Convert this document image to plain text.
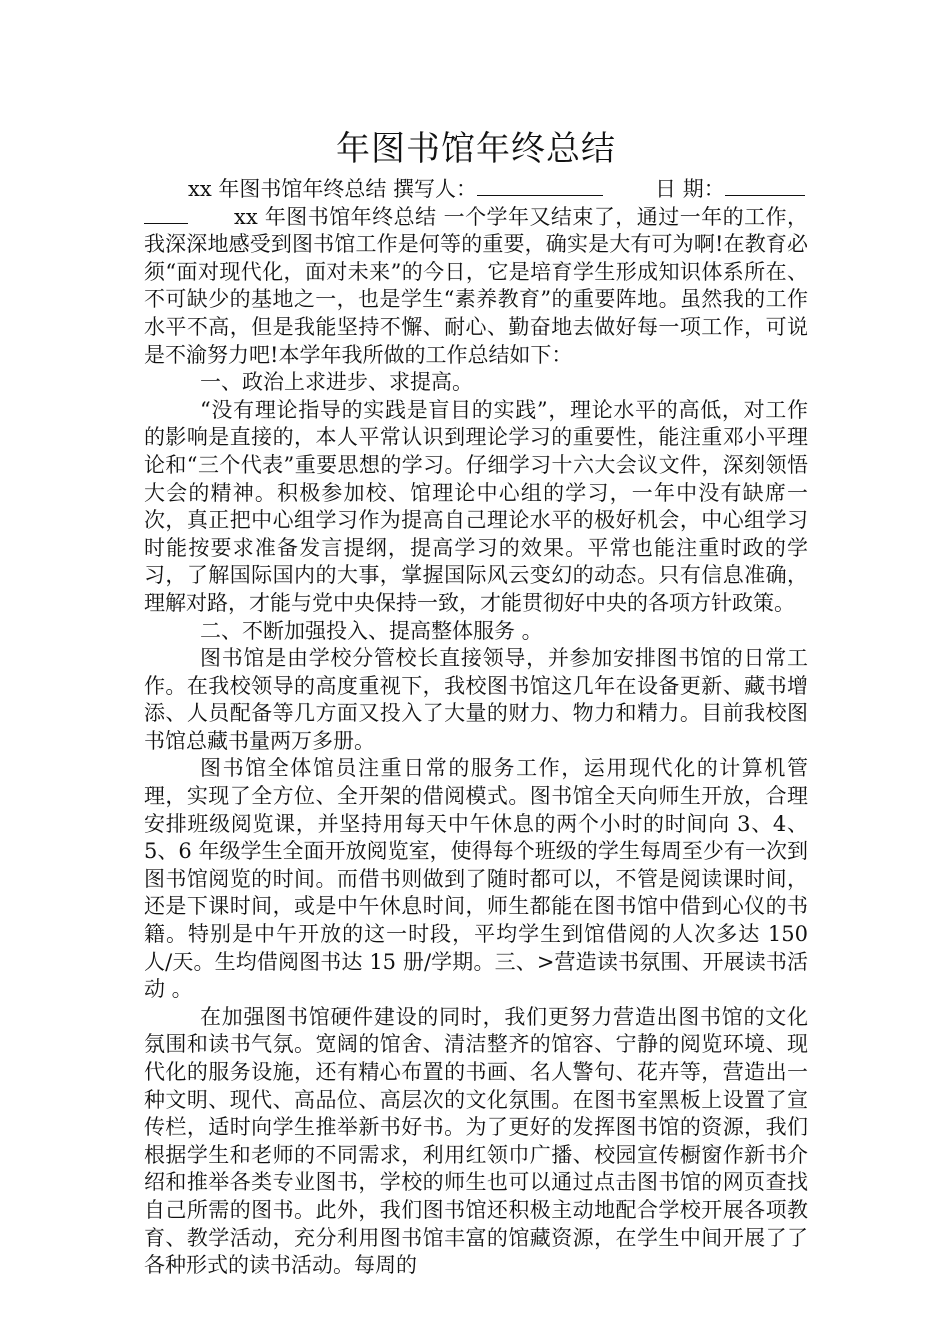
年图书馆年终总结

xx 年图书馆年终总结 撰写人：	日 期：

xx 年图书馆年终总结 一个学年又结束了，通过一年的工作，我深深地感受到图书馆工作是何等的重要，确实是大有可为啊!在教育必须“面对现代化，面对未来”的今日，它是培育学生形成知识体系所在、不可缺少的基地之一，也是学生“素养教育”的重要阵地。虽然我的工作水平不高，但是我能坚持不懈、耐心、勤奋地去做好每一项工作，可说是不渝努力吧!本学年我所做的工作总结如下：

一、政治上求进步、求提高。

“没有理论指导的实践是盲目的实践”，理论水平的高低，对工作的影响是直接的，本人平常认识到理论学习的重要性，能注重邓小平理论和“三个代表”重要思想的学习。仔细学习十六大会议文件，深刻领悟大会的精神。积极参加校、馆理论中心组的学习，一年中没有缺席一次，真正把中心组学习作为提高自己理论水平的极好机会，中心组学习时能按要求准备发言提纲，提高学习的效果。平常也能注重时政的学习，了解国际国内的大事，掌握国际风云变幻的动态。只有信息准确，理解对路，才能与党中央保持一致，才能贯彻好中央的各项方针政策。

二、不断加强投入、提高整体服务 。

图书馆是由学校分管校长直接领导，并参加安排图书馆的日常工作。在我校领导的高度重视下，我校图书馆这几年在设备更新、藏书增添、人员配备等几方面又投入了大量的财力、物力和精力。目前我校图书馆总藏书量两万多册。

图书馆全体馆员注重日常的服务工作，运用现代化的计算机管理，实现了全方位、全开架的借阅模式。图书馆全天向师生开放，合理安排班级阅览课，并坚持用每天中午休息的两个小时的时间向 3、4、5、6 年级学生全面开放阅览室，使得每个班级的学生每周至少有一次到图书馆阅览的时间。而借书则做到了随时都可以，不管是阅读课时间，还是下课时间，或是中午休息时间，师生都能在图书馆中借到心仪的书籍。特别是中午开放的这一时段，平均学生到馆借阅的人次多达 150 人/天。生均借阅图书达 15 册/学期。三、>营造读书氛围、开展读书活动 。

在加强图书馆硬件建设的同时，我们更努力营造出图书馆的文化氛围和读书气氛。宽阔的馆舍、清洁整齐的馆容、宁静的阅览环境、现代化的服务设施，还有精心布置的书画、名人警句、花卉等，营造出一种文明、现代、高品位、高层次的文化氛围。在图书室黑板上设置了宣传栏，适时向学生推举新书好书。为了更好的发挥图书馆的资源，我们根据学生和老师的不同需求，利用红领巾广播、校园宣传橱窗作新书介绍和推举各类专业图书，学校的师生也可以通过点击图书馆的网页查找自己所需的图书。此外，我们图书馆还积极主动地配合学校开展各项教育、教学活动，充分利用图书馆丰富的馆藏资源，在学生中间开展了了各种形式的读书活动。每周的
